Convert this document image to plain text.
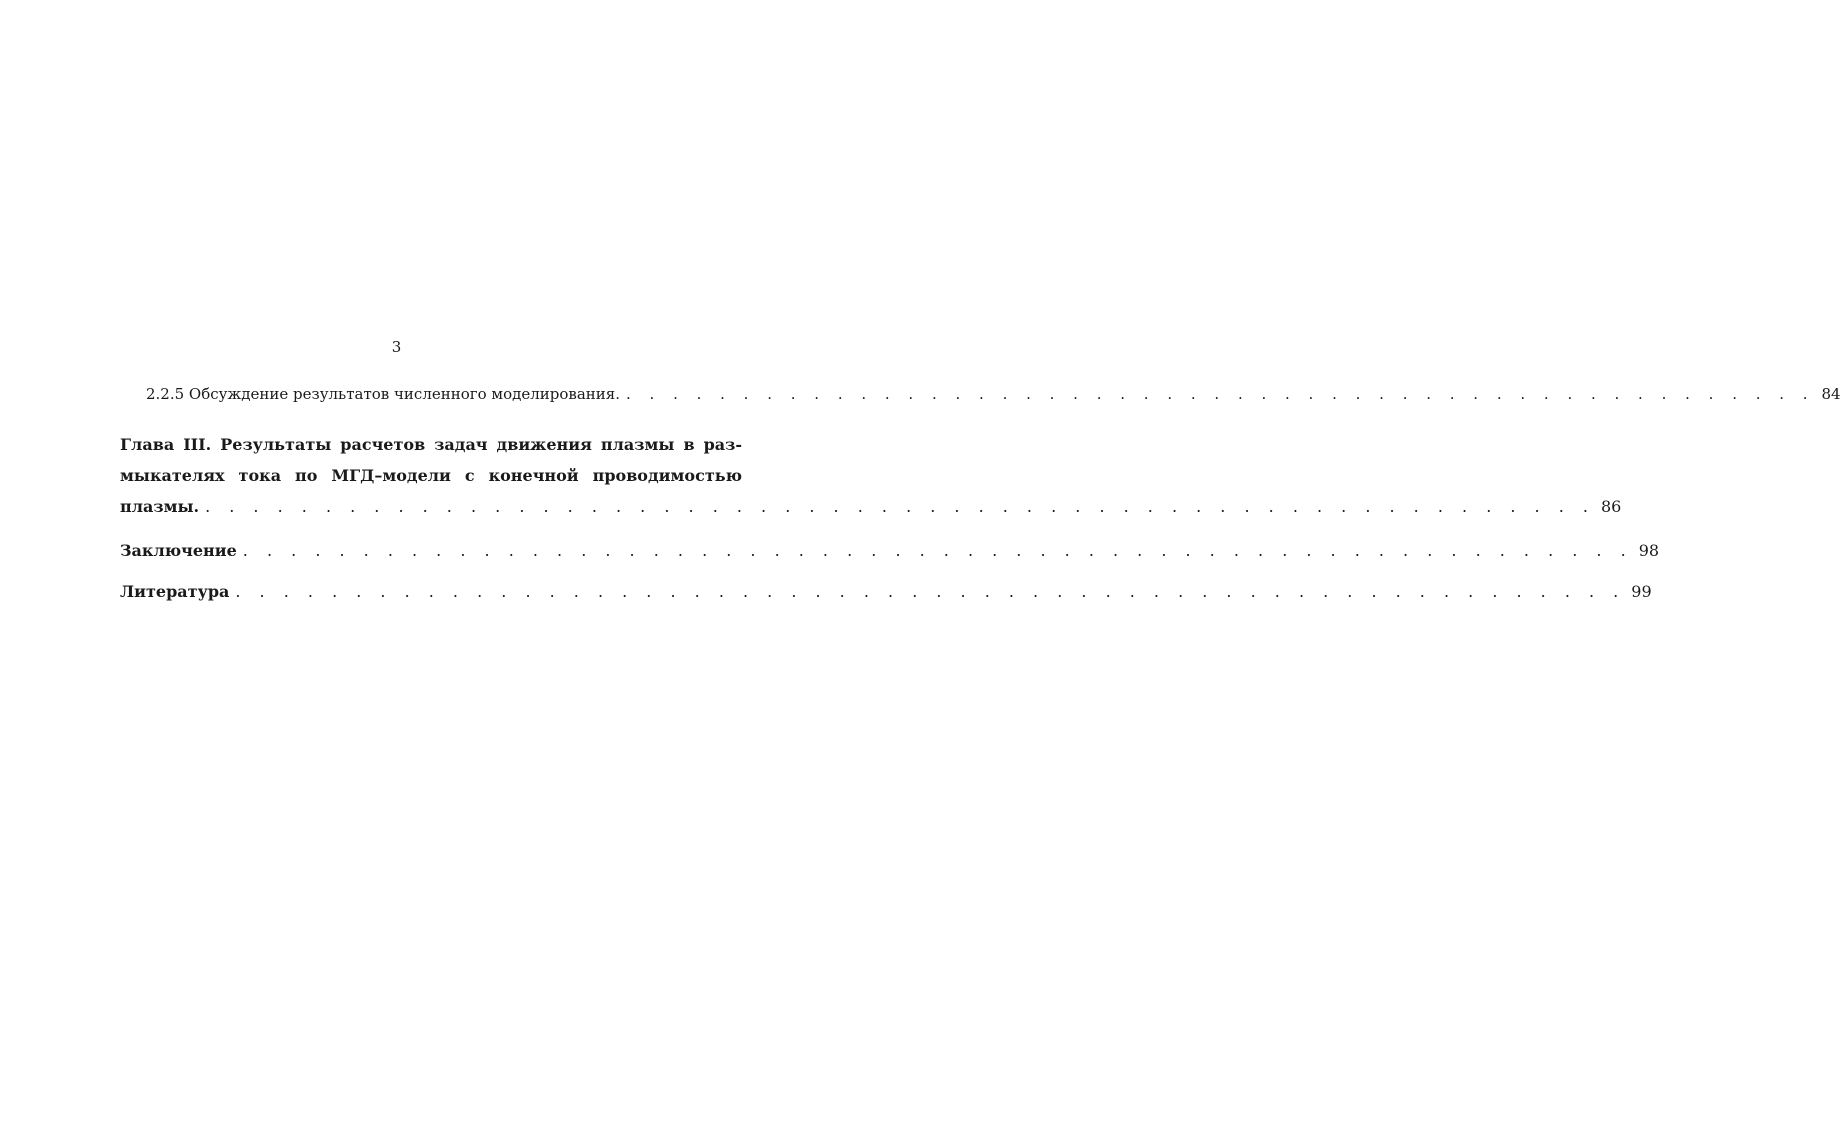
3
2.2.5 Обсуждение результатов численного моделирования. . . . . . . . . . . . . . . . . . . . . . . . . . . . . . . . . . . . . . . . . . . . . . . . . . . . 84
Глава III. Результаты расчетов задач движения плазмы в раз-
мыкателях тока по МГД–модели с конечной проводимостью
плазмы. . . . . . . . . . . . . . . . . . . . . . . . . . . . . . . . . . . . . . . . . . . . . . . . . . . . . . . . . . . 86
Заключение . . . . . . . . . . . . . . . . . . . . . . . . . . . . . . . . . . . . . . . . . . . . . . . . . . . . . . . . . . 98
Литература . . . . . . . . . . . . . . . . . . . . . . . . . . . . . . . . . . . . . . . . . . . . . . . . . . . . . . . . . . 99
